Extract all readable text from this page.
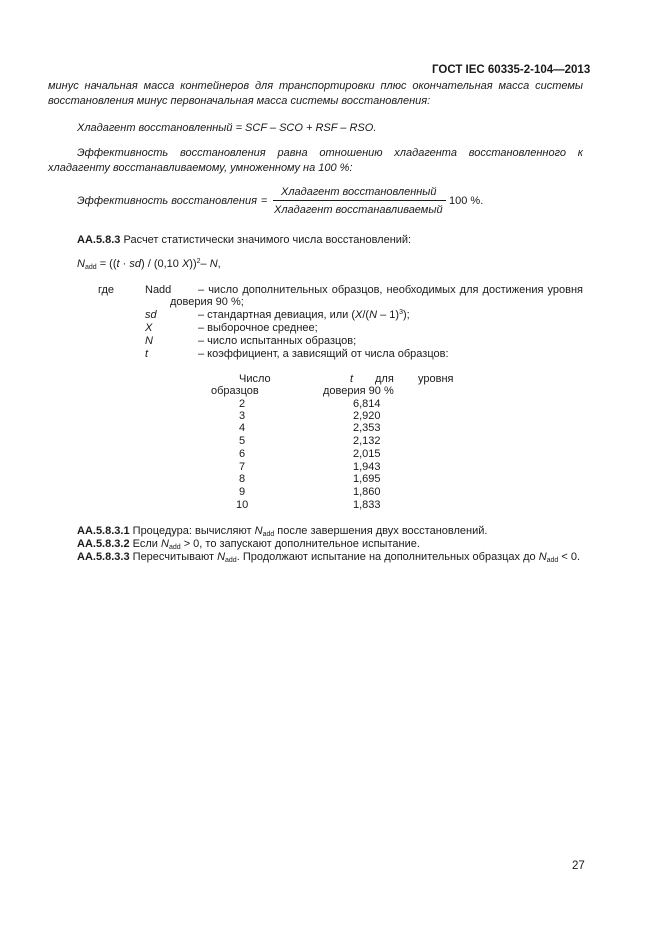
ГОСТ IEC 60335-2-104—2013
минус начальная масса контейнеров для транспортировки плюс окончательная масса системы
восстановления минус первоначальная масса системы восстановления:
Хладагент восстановленный = SCF – SCO + RSF – RSO.
Эффективность восстановления равна отношению хладагента восстановленного к
хладагенту восстанавливаемому, умноженному на 100 %:
Эффективность восстановления =
Хладагент восстановленный
Хладагент восстанавливаемый
100 %.
АА.5.8.3 Расчет статистически значимого числа восстановлений:
$N_{add} = ((t \cdot sd) / (0,10$ X))$^2$– N,
где	Nadd – число дополнительных образцов, необходимых для достижения уровня
доверия 90 %;
sd	– стандартная девиация, или (X/(N – 1)$^3$);
X	– выборочное среднее;
N	– число испытанных образцов;
t	– коэффициент, а зависящий от числа образцов:
Число	t для уровня
образцов	доверия 90 %
2	6,814
3	2,920
4	2,353
5	2,132
6	2,015
7	1,943
8	1,695
9	1,860
10	1,833
АА.5.8.3.1 Процедура: вычисляют $N_{add}$ после завершения двух восстановлений.
АА.5.8.3.2 Если $N_{add} > 0$, то запускают дополнительное испытание.
АА.5.8.3.3 Пересчитывают $N_{add}$. Продолжают испытание на дополнительных образцах до $N_{add} < 0$.
27
